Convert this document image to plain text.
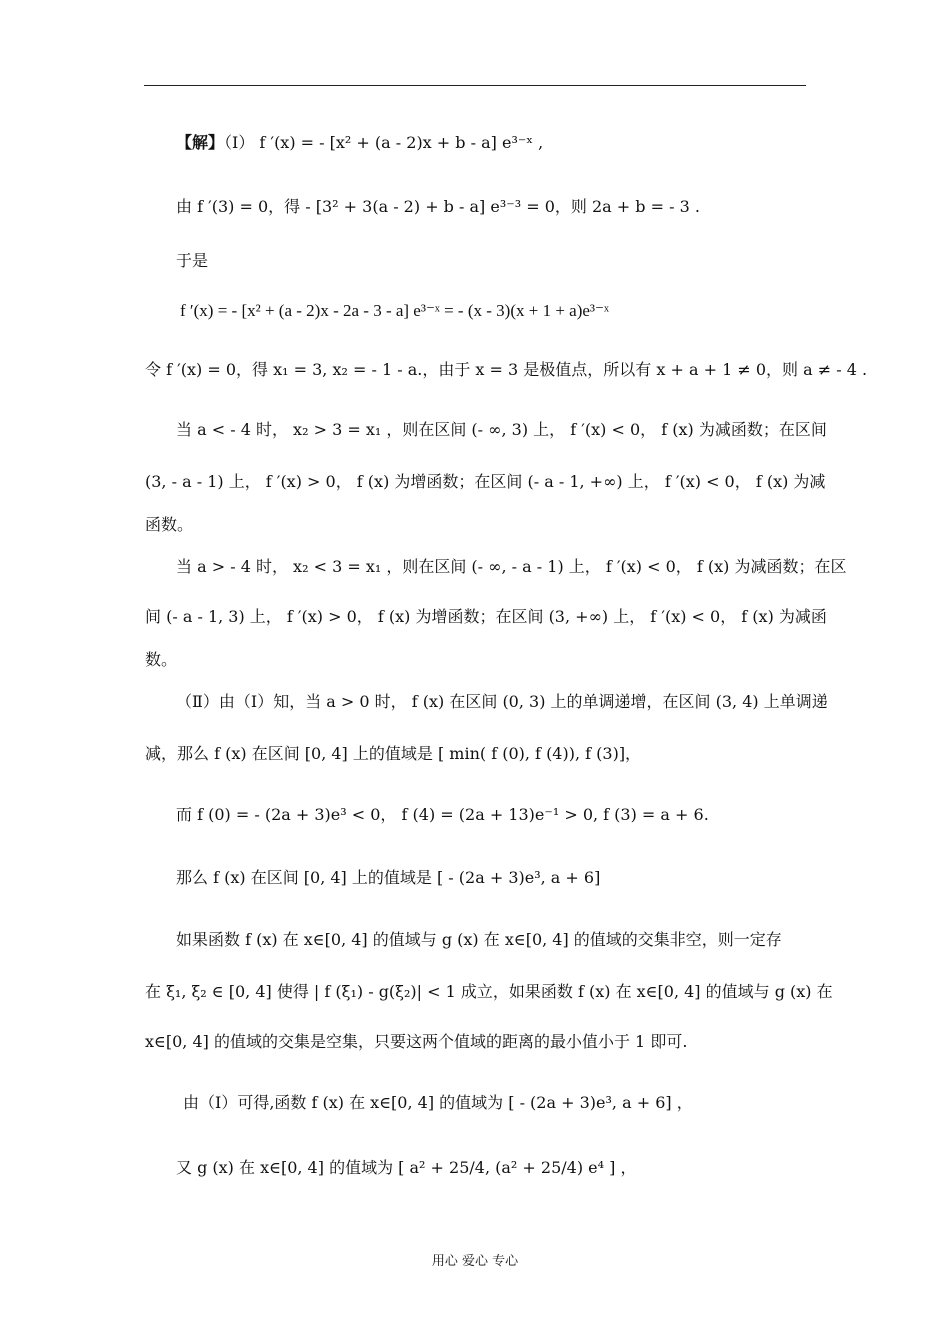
【解】（Ⅰ） f ′(x) = - [x² + (a - 2)x + b - a] e³⁻ˣ ,
由 f ′(3) = 0，得 - [3² + 3(a - 2) + b - a] e³⁻³ = 0，则 2a + b = - 3 .
于是
f ′(x) = - [x² + (a - 2)x - 2a - 3 - a] e³⁻ˣ = - (x - 3)(x + 1 + a)e³⁻ˣ
令 f ′(x) = 0，得 x₁ = 3, x₂ = - 1 - a.，由于 x = 3 是极值点，所以有 x + a + 1 ≠ 0，则 a ≠ - 4 .
当 a < - 4 时， x₂ > 3 = x₁ ，则在区间 (- ∞, 3) 上， f ′(x) < 0， f (x) 为减函数；在区间
(3, - a - 1) 上， f ′(x) > 0， f (x) 为增函数；在区间 (- a - 1, +∞) 上， f ′(x) < 0， f (x) 为减
函数。
当 a > - 4 时， x₂ < 3 = x₁ ，则在区间 (- ∞, - a - 1) 上， f ′(x) < 0， f (x) 为减函数；在区
间 (- a - 1, 3) 上， f ′(x) > 0， f (x) 为增函数；在区间 (3, +∞) 上， f ′(x) < 0， f (x) 为减函
数。
（Ⅱ）由（Ⅰ）知，当 a > 0 时， f (x) 在区间 (0, 3) 上的单调递增，在区间 (3, 4) 上单调递
减，那么 f (x) 在区间 [0, 4] 上的值域是 [ min( f (0), f (4)), f (3)]，
而 f (0) = - (2a + 3)e³ < 0， f (4) = (2a + 13)e⁻¹ > 0, f (3) = a + 6.
那么 f (x) 在区间 [0, 4] 上的值域是 [ - (2a + 3)e³, a + 6]
如果函数 f (x) 在 x∈[0, 4] 的值域与 g (x) 在 x∈[0, 4] 的值域的交集非空，则一定存
在 ξ₁, ξ₂ ∈ [0, 4] 使得 | f (ξ₁) - g(ξ₂)| < 1 成立，如果函数 f (x) 在 x∈[0, 4] 的值域与 g (x) 在
x∈[0, 4] 的值域的交集是空集，只要这两个值域的距离的最小值小于 1 即可.
由（Ⅰ）可得,函数 f (x) 在 x∈[0, 4] 的值域为 [ - (2a + 3)e³, a + 6] ，
又 g (x) 在 x∈[0, 4] 的值域为 [ a² + 25/4, (a² + 25/4) e⁴ ] ，
用心 爱心 专心
